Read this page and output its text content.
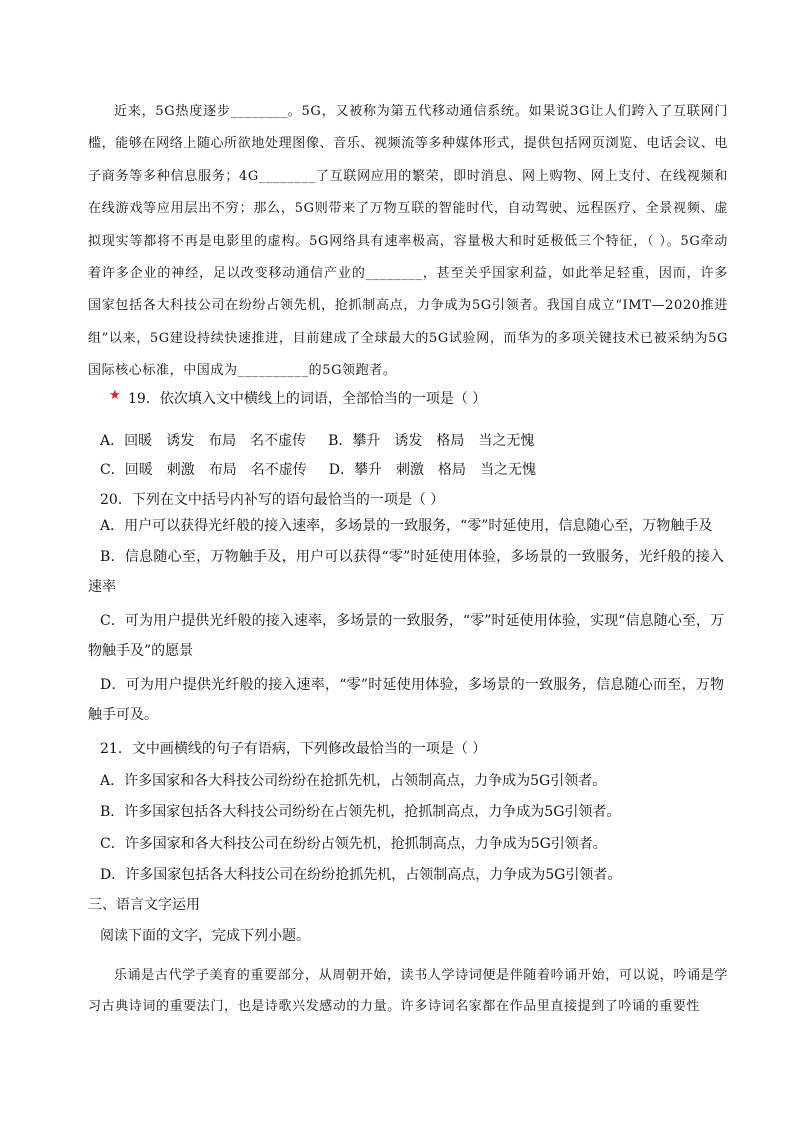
近来，5G热度逐步________。5G，又被称为第五代移动通信系统。如果说3G让人们跨入了互联网门槛，能够在网络上随心所欲地处理图像、音乐、视频流等多种媒体形式，提供包括网页浏览、电话会议、电子商务等多种信息服务；4G________了互联网应用的繁荣，即时消息、网上购物、网上支付、在线视频和在线游戏等应用层出不穷；那么，5G则带来了万物互联的智能时代，自动驾驶、远程医疗、全景视频、虚拟现实等都将不再是电影里的虚构。5G网络具有速率极高，容量极大和时延极低三个特征，（ ）。5G牵动着许多企业的神经，足以改变移动通信产业的________，甚至关乎国家利益，如此举足轻重，因而，许多国家包括各大科技公司在纷纷占领先机，抢抓制高点，力争成为5G引领者。我国自成立“IMT—2020推进组”以来，5G建设持续快速推进，目前建成了全球最大的5G试验网，而华为的多项关键技术已被采纳为5G国际核心标准，中国成为__________的5G领跑者。

★ 19．依次填入文中横线上的词语，全部恰当的一项是（ ）

A．回暖 诱发 布局 名不虚传 B．攀升 诱发 格局 当之无愧
C．回暖 刺激 布局 名不虚传 D．攀升 刺激 格局 当之无愧

20．下列在文中括号内补写的语句最恰当的一项是（ ）

A．用户可以获得光纤般的接入速率，多场景的一致服务，“零”时延使用，信息随心至，万物触手及

B．信息随心至，万物触手及，用户可以获得“零”时延使用体验，多场景的一致服务，光纤般的接入速率

C．可为用户提供光纤般的接入速率，多场景的一致服务，“零”时延使用体验，实现“信息随心至，万物触手及”的愿景

D．可为用户提供光纤般的接入速率，“零”时延使用体验，多场景的一致服务，信息随心而至，万物触手可及。

21．文中画横线的句子有语病，下列修改最恰当的一项是（ ）

A．许多国家和各大科技公司纷纷在抢抓先机，占领制高点，力争成为5G引领者。

B．许多国家包括各大科技公司纷纷在占领先机，抢抓制高点，力争成为5G引领者。

C．许多国家和各大科技公司在纷纷占领先机，抢抓制高点，力争成为5G引领者。

D．许多国家包括各大科技公司在纷纷抢抓先机，占领制高点，力争成为5G引领者。

三、语言文字运用
阅读下面的文字，完成下列小题。

乐诵是古代学子美育的重要部分，从周朝开始，读书人学诗词便是伴随着吟诵开始，可以说，吟诵是学习古典诗词的重要法门，也是诗歌兴发感动的力量。许多诗词名家都在作品里直接提到了吟诵的重要性
